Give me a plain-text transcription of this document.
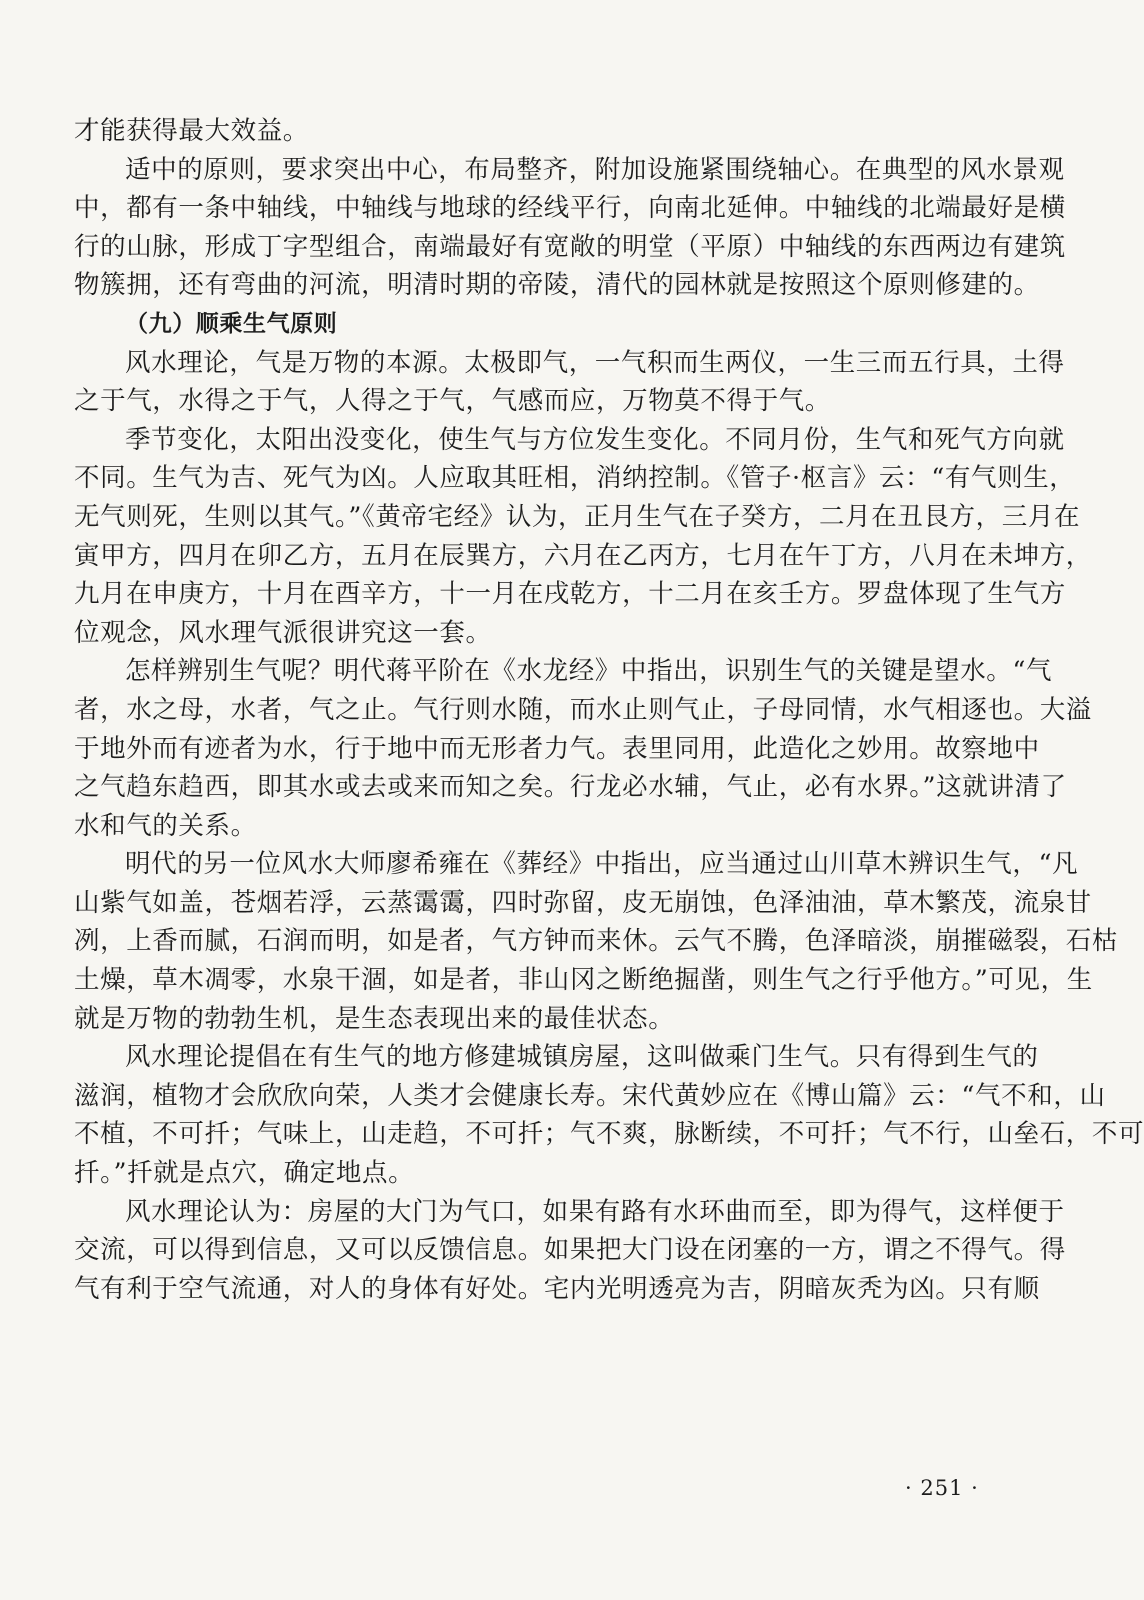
才能获得最大效益。
适中的原则，要求突出中心，布局整齐，附加设施紧围绕轴心。在典型的风水景观
中，都有一条中轴线，中轴线与地球的经线平行，向南北延伸。中轴线的北端最好是横
行的山脉，形成丁字型组合，南端最好有宽敞的明堂（平原）中轴线的东西两边有建筑
物簇拥，还有弯曲的河流，明清时期的帝陵，清代的园林就是按照这个原则修建的。
（九）顺乘生气原则
风水理论，气是万物的本源。太极即气，一气积而生两仪，一生三而五行具，土得
之于气，水得之于气，人得之于气，气感而应，万物莫不得于气。
季节变化，太阳出没变化，使生气与方位发生变化。不同月份，生气和死气方向就
不同。生气为吉、死气为凶。人应取其旺相，消纳控制。《管子·枢言》云：“有气则生，
无气则死，生则以其气。”《黄帝宅经》认为，正月生气在子癸方，二月在丑艮方，三月在
寅甲方，四月在卯乙方，五月在辰巽方，六月在乙丙方，七月在午丁方，八月在未坤方，
九月在申庚方，十月在酉辛方，十一月在戌乾方，十二月在亥壬方。罗盘体现了生气方
位观念，风水理气派很讲究这一套。
怎样辨别生气呢？明代蒋平阶在《水龙经》中指出，识别生气的关键是望水。“气
者，水之母，水者，气之止。气行则水随，而水止则气止，子母同情，水气相逐也。大溢
于地外而有迹者为水，行于地中而无形者力气。表里同用，此造化之妙用。故察地中
之气趋东趋西，即其水或去或来而知之矣。行龙必水辅，气止，必有水界。”这就讲清了
水和气的关系。
明代的另一位风水大师廖希雍在《葬经》中指出，应当通过山川草木辨识生气，“凡
山紫气如盖，苍烟若浮，云蒸霭霭，四时弥留，皮无崩蚀，色泽油油，草木繁茂，流泉甘
冽，上香而腻，石润而明，如是者，气方钟而来休。云气不腾，色泽暗淡，崩摧磁裂，石枯
土燥，草木凋零，水泉干涸，如是者，非山冈之断绝掘凿，则生气之行乎他方。”可见，生
就是万物的勃勃生机，是生态表现出来的最佳状态。
风水理论提倡在有生气的地方修建城镇房屋，这叫做乘门生气。只有得到生气的
滋润，植物才会欣欣向荣，人类才会健康长寿。宋代黄妙应在《博山篇》云：“气不和，山
不植，不可扦；气味上，山走趋，不可扦；气不爽，脉断续，不可扦；气不行，山垒石，不可
扦。”扦就是点穴，确定地点。
风水理论认为：房屋的大门为气口，如果有路有水环曲而至，即为得气，这样便于
交流，可以得到信息，又可以反馈信息。如果把大门设在闭塞的一方，谓之不得气。得
气有利于空气流通，对人的身体有好处。宅内光明透亮为吉，阴暗灰秃为凶。只有顺
· 251 ·
